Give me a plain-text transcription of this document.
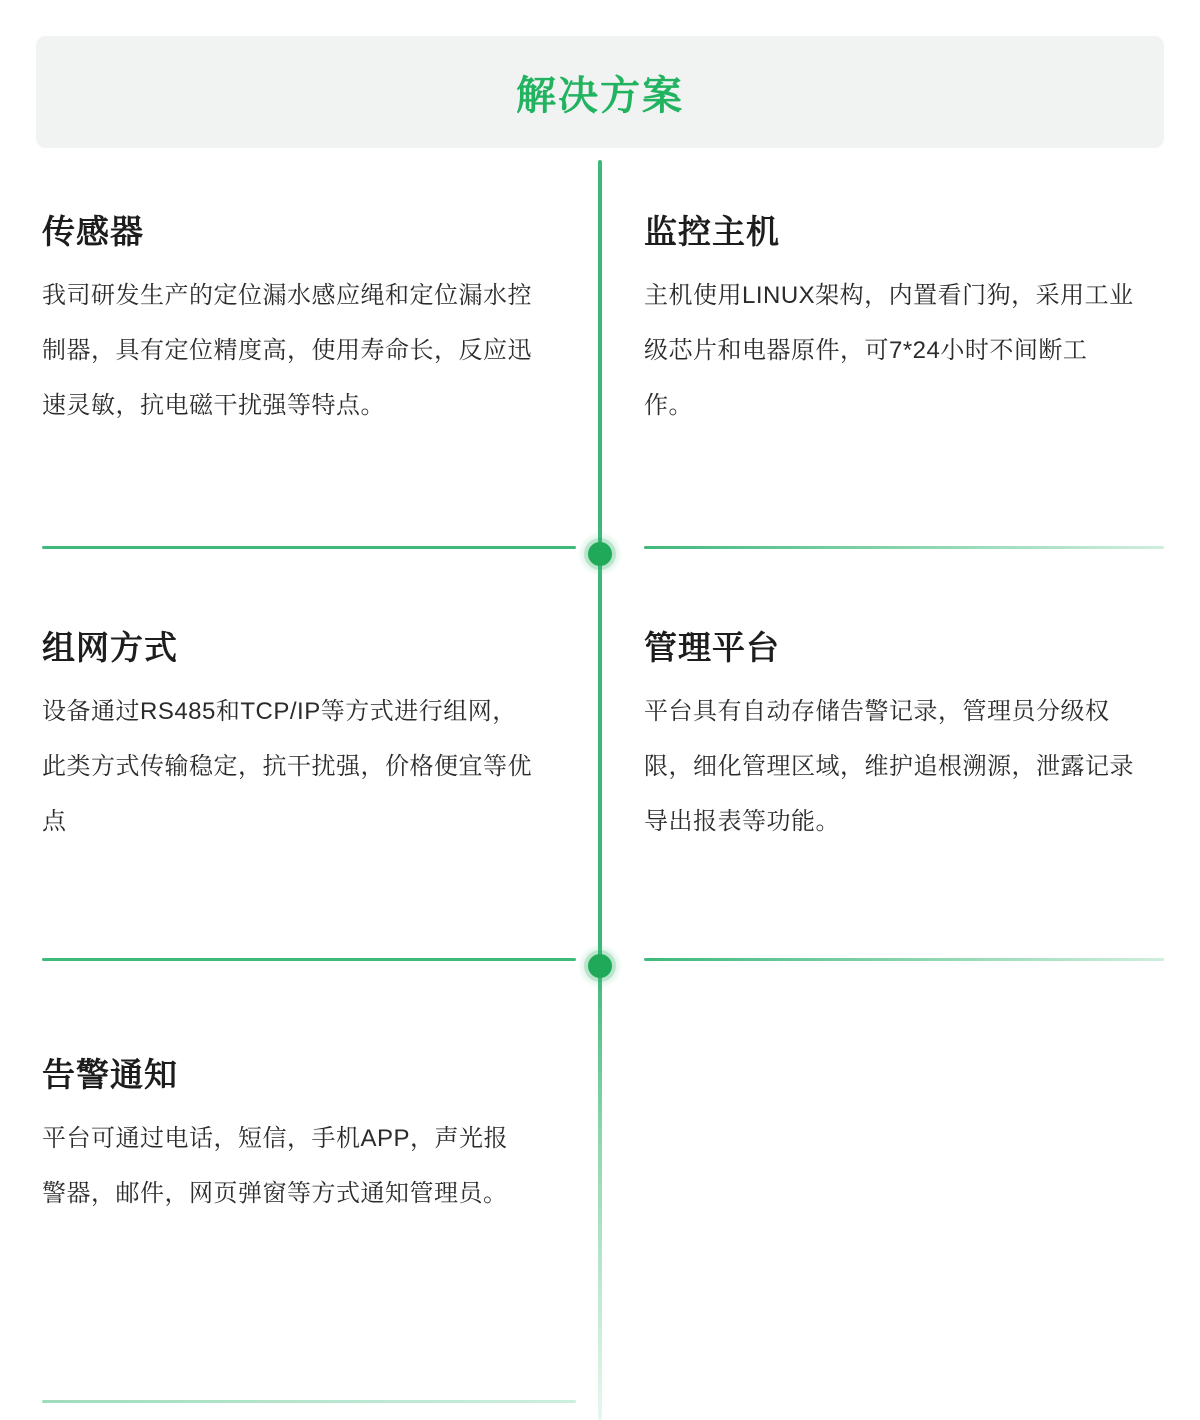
解决方案
传感器

我司研发生产的定位漏水感应绳和定位漏水控制器，具有定位精度高，使用寿命长，反应迅速灵敏，抗电磁干扰强等特点。

监控主机

主机使用LINUX架构，内置看门狗，采用工业级芯片和电器原件，可7*24小时不间断工作。

组网方式

设备通过RS485和TCP/IP等方式进行组网，此类方式传输稳定，抗干扰强，价格便宜等优点

管理平台

平台具有自动存储告警记录，管理员分级权限，细化管理区域，维护追根溯源，泄露记录导出报表等功能。

告警通知

平台可通过电话，短信，手机APP，声光报警器，邮件，网页弹窗等方式通知管理员。
